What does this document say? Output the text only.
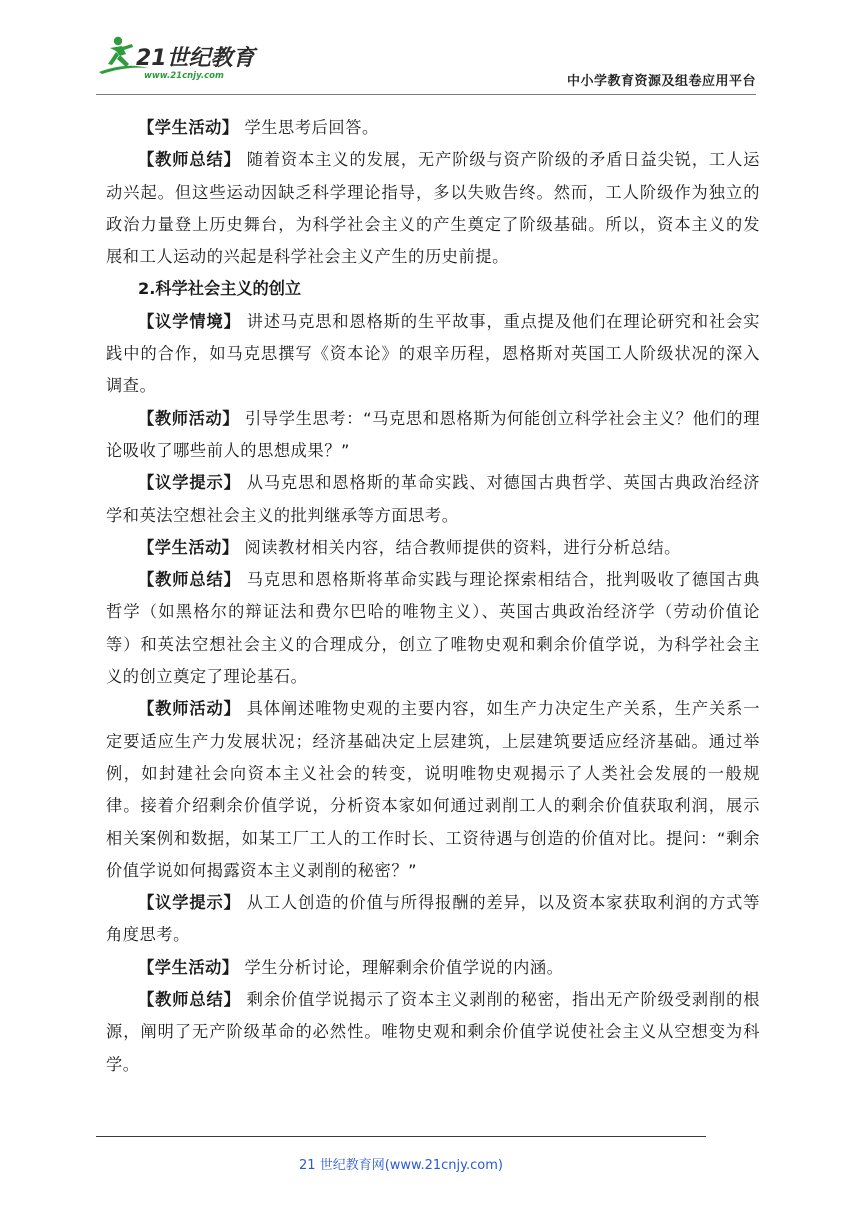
21世纪教育
www.21cnjy.com	中小学教育资源及组卷应用平台

【学生活动】 学生思考后回答。

【教师总结】 随着资本主义的发展，无产阶级与资产阶级的矛盾日益尖锐，工人运动兴起。但这些运动因缺乏科学理论指导，多以失败告终。然而，工人阶级作为独立的政治力量登上历史舞台，为科学社会主义的产生奠定了阶级基础。所以，资本主义的发展和工人运动的兴起是科学社会主义产生的历史前提。

2.科学社会主义的创立

【议学情境】 讲述马克思和恩格斯的生平故事，重点提及他们在理论研究和社会实践中的合作，如马克思撰写《资本论》的艰辛历程，恩格斯对英国工人阶级状况的深入调查。

【教师活动】 引导学生思考：“马克思和恩格斯为何能创立科学社会主义？他们的理论吸收了哪些前人的思想成果？”

【议学提示】 从马克思和恩格斯的革命实践、对德国古典哲学、英国古典政治经济学和英法空想社会主义的批判继承等方面思考。

【学生活动】 阅读教材相关内容，结合教师提供的资料，进行分析总结。

【教师总结】 马克思和恩格斯将革命实践与理论探索相结合，批判吸收了德国古典哲学（如黑格尔的辩证法和费尔巴哈的唯物主义）、英国古典政治经济学（劳动价值论等）和英法空想社会主义的合理成分，创立了唯物史观和剩余价值学说，为科学社会主义的创立奠定了理论基石。

【教师活动】 具体阐述唯物史观的主要内容，如生产力决定生产关系，生产关系一定要适应生产力发展状况；经济基础决定上层建筑，上层建筑要适应经济基础。通过举例，如封建社会向资本主义社会的转变，说明唯物史观揭示了人类社会发展的一般规律。接着介绍剩余价值学说，分析资本家如何通过剥削工人的剩余价值获取利润，展示相关案例和数据，如某工厂工人的工作时长、工资待遇与创造的价值对比。提问：“剩余价值学说如何揭露资本主义剥削的秘密？”

【议学提示】 从工人创造的价值与所得报酬的差异，以及资本家获取利润的方式等角度思考。

【学生活动】 学生分析讨论，理解剩余价值学说的内涵。

【教师总结】 剩余价值学说揭示了资本主义剥削的秘密，指出无产阶级受剥削的根源，阐明了无产阶级革命的必然性。唯物史观和剩余价值学说使社会主义从空想变为科学。

21 世纪教育网(www.21cnjy.com)
